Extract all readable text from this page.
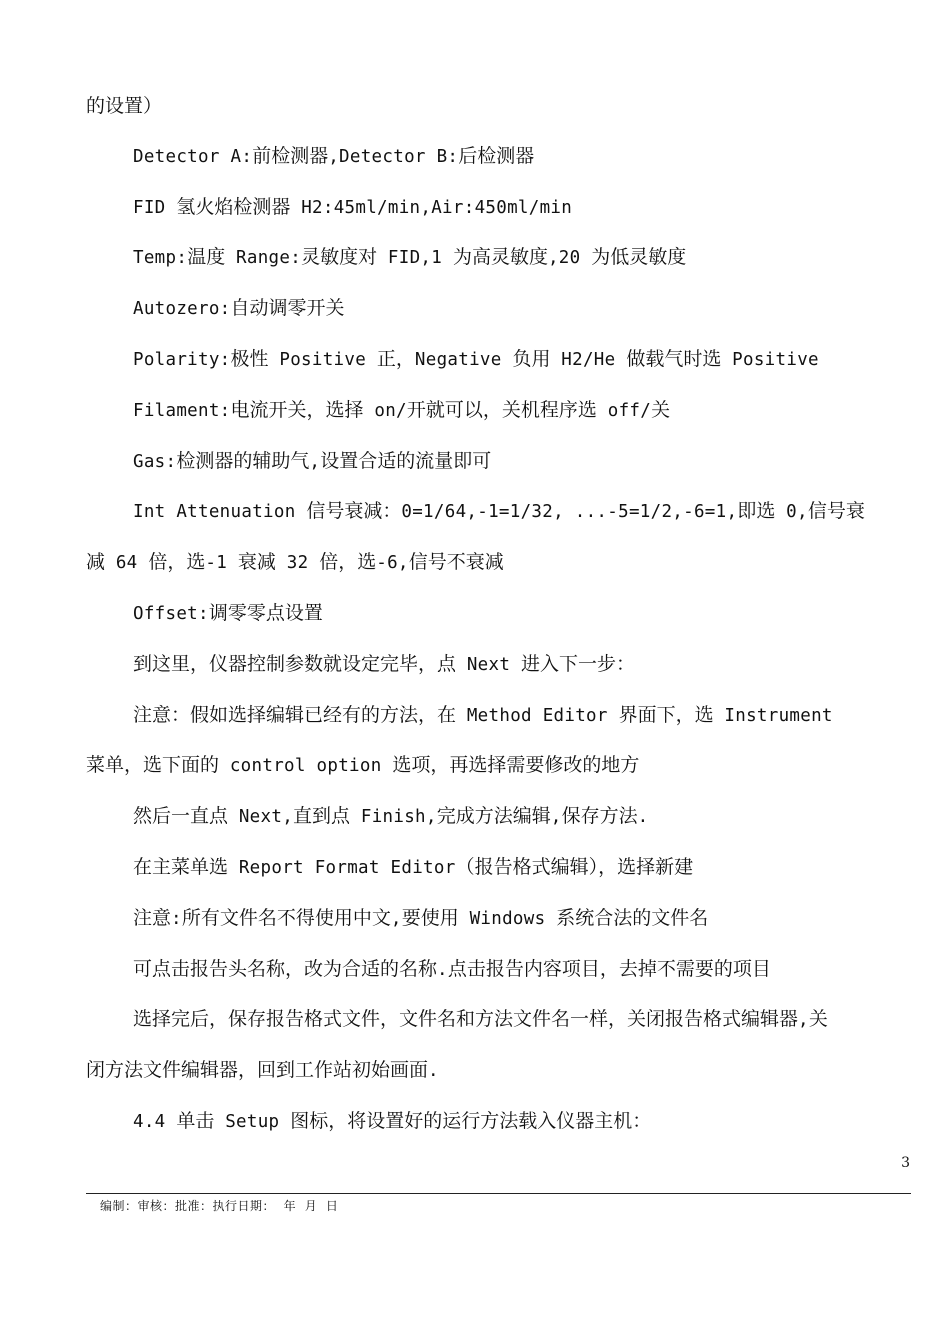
的设置）
Detector A:前检测器,Detector B:后检测器
FID 氢火焰检测器 H2:45ml/min,Air:450ml/min
Temp:温度 Range:灵敏度对 FID,1 为高灵敏度,20 为低灵敏度
Autozero:自动调零开关
Polarity:极性 Positive 正，Negative 负用 H2/He 做载气时选 Positive
Filament:电流开关，选择 on/开就可以，关机程序选 off/关
Gas:检测器的辅助气,设置合适的流量即可
Int Attenuation 信号衰减：0=1/64,-1=1/32, ...-5=1/2,-6=1,即选 0,信号衰
减 64 倍，选-1 衰减 32 倍，选-6,信号不衰减
Offset:调零零点设置
到这里，仪器控制参数就设定完毕，点 Next 进入下一步：
注意：假如选择编辑已经有的方法，在 Method Editor 界面下，选 Instrument
菜单，选下面的 control option 选项，再选择需要修改的地方
然后一直点 Next,直到点 Finish,完成方法编辑,保存方法.
在主菜单选 Report Format Editor（报告格式编辑），选择新建
注意:所有文件名不得使用中文,要使用 Windows 系统合法的文件名
可点击报告头名称，改为合适的名称.点击报告内容项目，去掉不需要的项目
选择完后，保存报告格式文件，文件名和方法文件名一样，关闭报告格式编辑器,关
闭方法文件编辑器，回到工作站初始画面.
4.4 单击 Setup 图标，将设置好的运行方法载入仪器主机：
3
编制：审核：批准：执行日期：  年  月  日
